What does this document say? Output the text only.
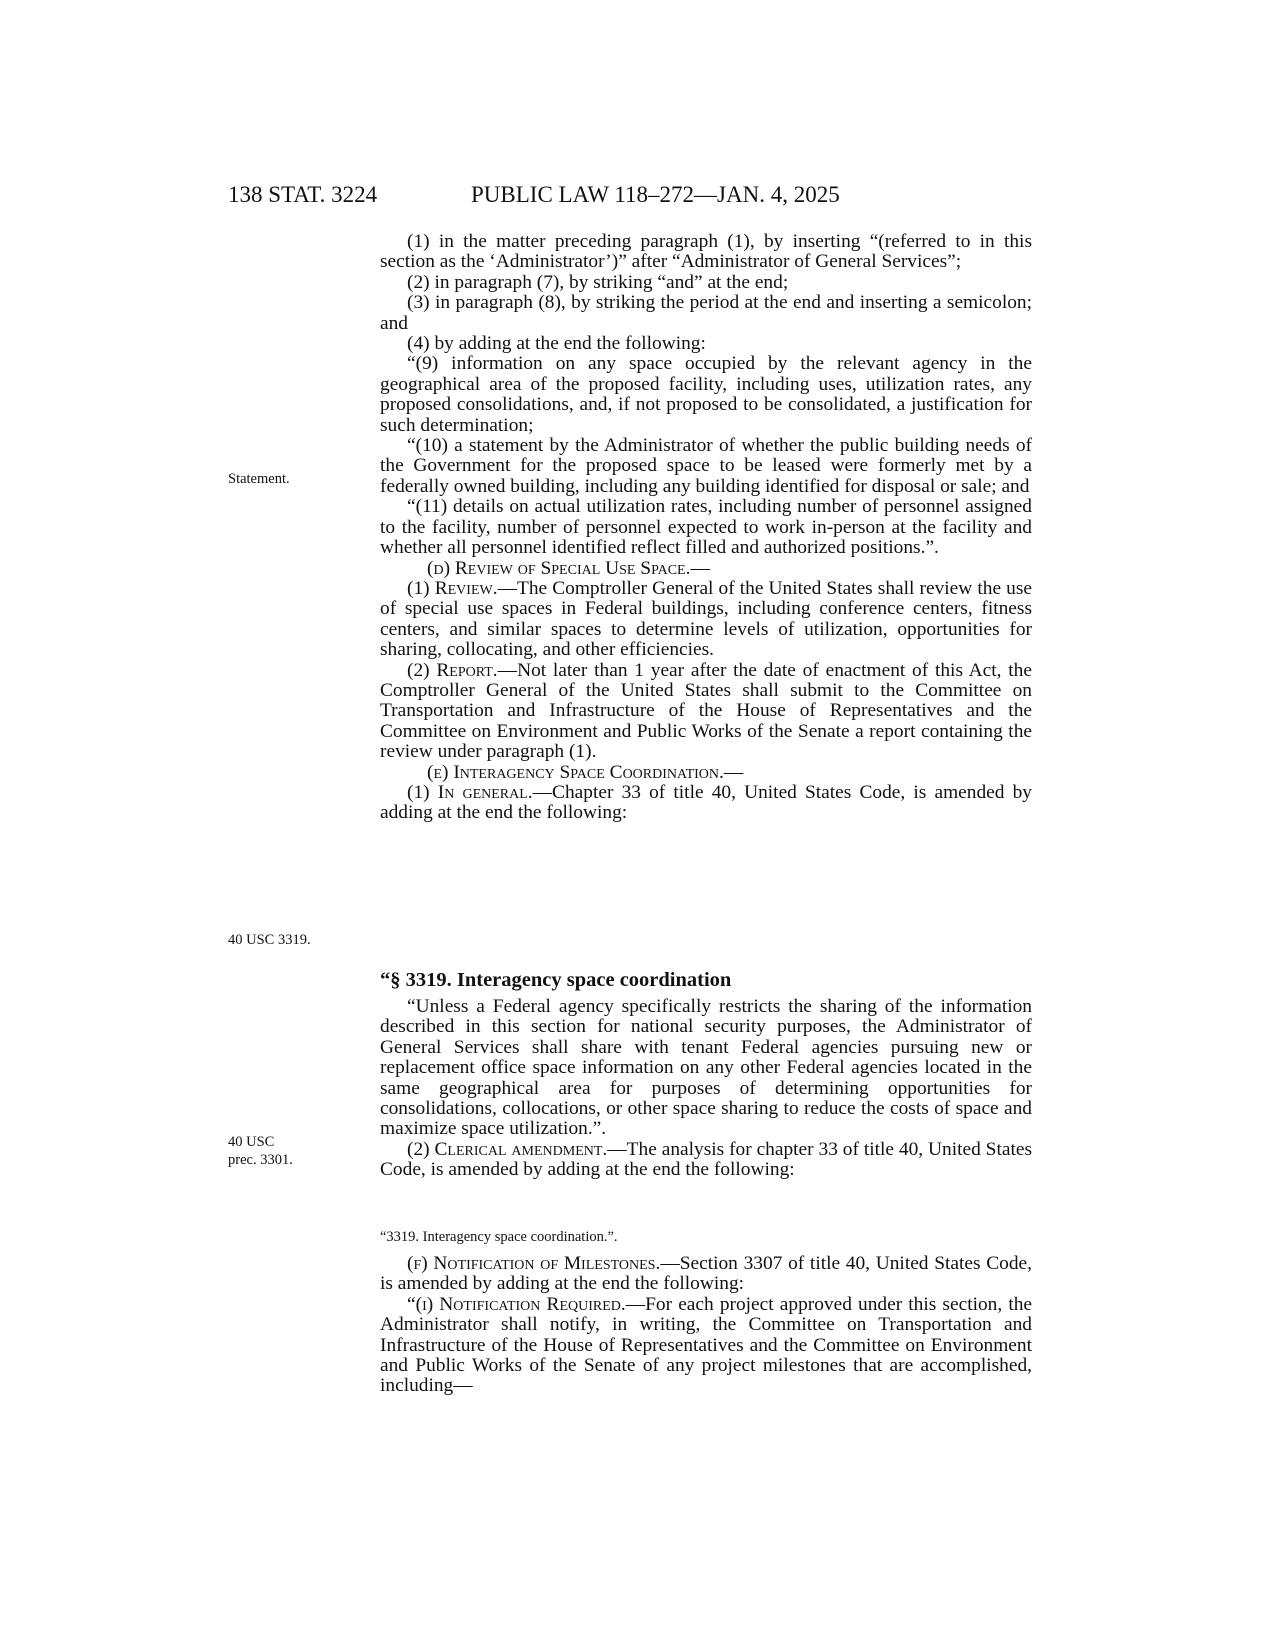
138 STAT. 3224	PUBLIC LAW 118–272—JAN. 4, 2025
Statement.
40 USC 3319.
40 USC
prec. 3301.

(1) in the matter preceding paragraph (1), by inserting “(referred to in this section as the ‘Administrator’)” after “Administrator of General Services”;

(2) in paragraph (7), by striking “and” at the end;

(3) in paragraph (8), by striking the period at the end and inserting a semicolon; and

(4) by adding at the end the following:

“(9) information on any space occupied by the relevant agency in the geographical area of the proposed facility, including uses, utilization rates, any proposed consolidations, and, if not proposed to be consolidated, a justification for such determination;

“(10) a statement by the Administrator of whether the public building needs of the Government for the proposed space to be leased were formerly met by a federally owned building, including any building identified for disposal or sale; and

“(11) details on actual utilization rates, including number of personnel assigned to the facility, number of personnel expected to work in-person at the facility and whether all personnel identified reflect filled and authorized positions.”.

(d) Review of Special Use Space.—

(1) Review.—The Comptroller General of the United States shall review the use of special use spaces in Federal buildings, including conference centers, fitness centers, and similar spaces to determine levels of utilization, opportunities for sharing, collocating, and other efficiencies.

(2) Report.—Not later than 1 year after the date of enactment of this Act, the Comptroller General of the United States shall submit to the Committee on Transportation and Infrastructure of the House of Representatives and the Committee on Environment and Public Works of the Senate a report containing the review under paragraph (1).

(e) Interagency Space Coordination.—

(1) In general.—Chapter 33 of title 40, United States Code, is amended by adding at the end the following:

“§ 3319. Interagency space coordination

“Unless a Federal agency specifically restricts the sharing of the information described in this section for national security purposes, the Administrator of General Services shall share with tenant Federal agencies pursuing new or replacement office space information on any other Federal agencies located in the same geographical area for purposes of determining opportunities for consolidations, collocations, or other space sharing to reduce the costs of space and maximize space utilization.”.

(2) Clerical amendment.—The analysis for chapter 33 of title 40, United States Code, is amended by adding at the end the following:

“3319. Interagency space coordination.”.

(f) Notification of Milestones.—Section 3307 of title 40, United States Code, is amended by adding at the end the following:

“(i) Notification Required.—For each project approved under this section, the Administrator shall notify, in writing, the Committee on Transportation and Infrastructure of the House of Representatives and the Committee on Environment and Public Works of the Senate of any project milestones that are accomplished, including—
